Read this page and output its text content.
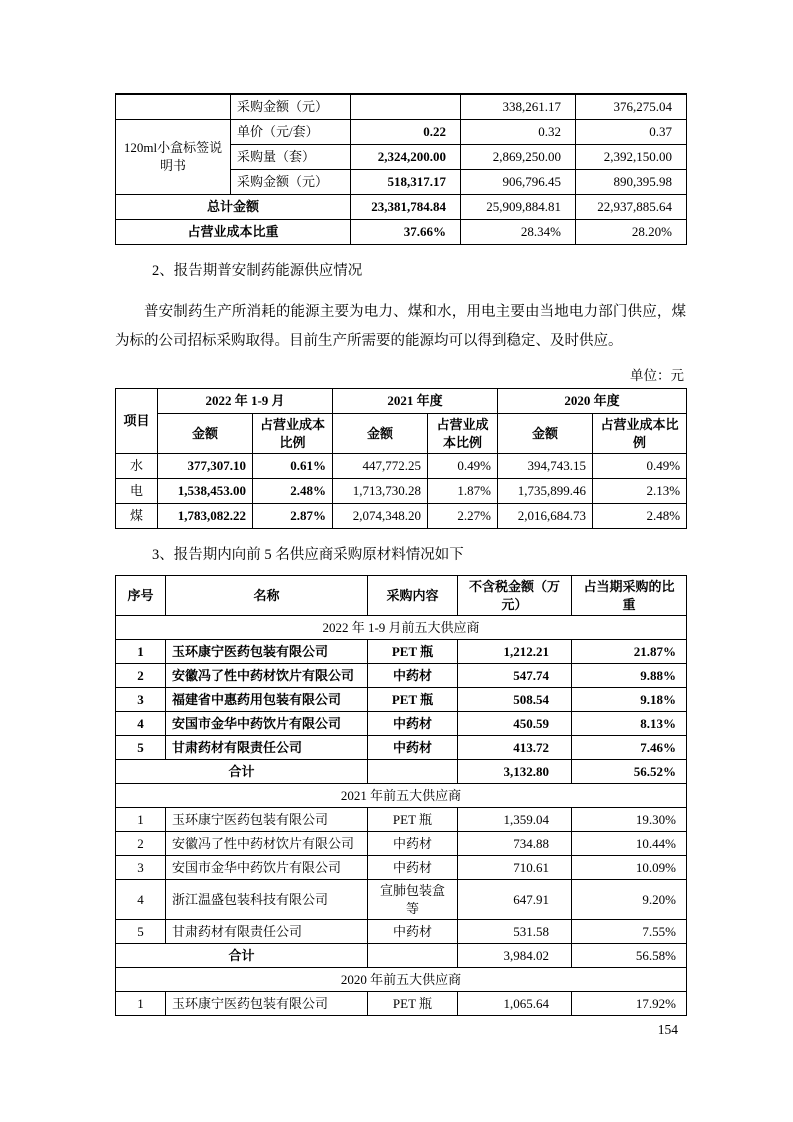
	采购金额（元）		338,261.17	376,275.04
120ml小盒标签说明书	单价（元/套）	0.22	0.32	0.37
	采购量（套）	2,324,200.00	2,869,250.00	2,392,150.00
	采购金额（元）	518,317.17	906,796.45	890,395.98
总计金额		23,381,784.84	25,909,884.81	22,937,885.64
占营业成本比重		37.66%	28.34%	28.20%
2、报告期普安制药能源供应情况
普安制药生产所消耗的能源主要为电力、煤和水，用电主要由当地电力部门供应，煤为标的公司招标采购取得。目前生产所需要的能源均可以得到稳定、及时供应。
单位：元
项目	2022 年 1-9 月		2021 年度		2020 年度	
	金额	占营业成本比例	金额	占营业成本比例	金额	占营业成本比例
水	377,307.10	0.61%	447,772.25	0.49%	394,743.15	0.49%
电	1,538,453.00	2.48%	1,713,730.28	1.87%	1,735,899.46	2.13%
煤	1,783,082.22	2.87%	2,074,348.20	2.27%	2,016,684.73	2.48%
3、报告期内向前 5 名供应商采购原材料情况如下
序号	名称	采购内容	不含税金额（万元）	占当期采购的比重
2022 年 1-9 月前五大供应商				
1	玉环康宁医药包装有限公司	PET 瓶	1,212.21	21.87%
2	安徽冯了性中药材饮片有限公司	中药材	547.74	9.88%
3	福建省中惠药用包装有限公司	PET 瓶	508.54	9.18%
4	安国市金华中药饮片有限公司	中药材	450.59	8.13%
5	甘肃药材有限责任公司	中药材	413.72	7.46%
合计			3,132.80	56.52%
2021 年前五大供应商				
1	玉环康宁医药包装有限公司	PET 瓶	1,359.04	19.30%
2	安徽冯了性中药材饮片有限公司	中药材	734.88	10.44%
3	安国市金华中药饮片有限公司	中药材	710.61	10.09%
4	浙江温盛包装科技有限公司	宣肺包装盒等	647.91	9.20%
5	甘肃药材有限责任公司	中药材	531.58	7.55%
合计			3,984.02	56.58%
2020 年前五大供应商				
1	玉环康宁医药包装有限公司	PET 瓶	1,065.64	17.92%
154
